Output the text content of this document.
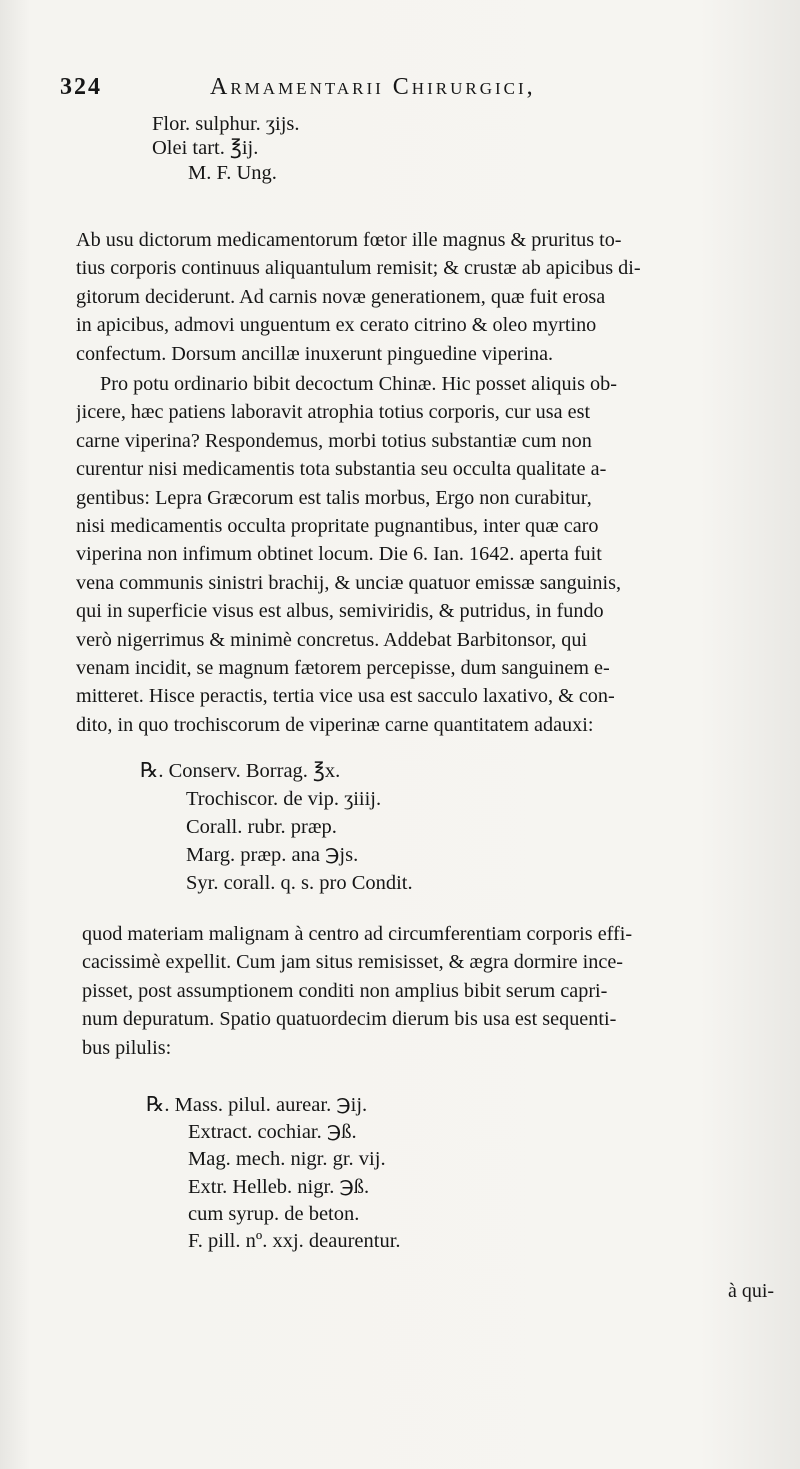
324	Armamentarii Chirurgici,
Flor. sulphur. ʒijs.
Olei tart. ℥ij.
M. F. Ung.
Ab usu dictorum medicamentorum fœtor ille magnus & pruritus to-
tius corporis continuus aliquantulum remisit; & crustæ ab apicibus di-
gitorum deciderunt. Ad carnis novæ generationem, quæ fuit erosa
in apicibus, admovi unguentum ex cerato citrino & oleo myrtino
confectum. Dorsum ancillæ inuxerunt pinguedine viperina.
Pro potu ordinario bibit decoctum Chinæ. Hic posset aliquis ob-
jicere, hæc patiens laboravit atrophia totius corporis, cur usa est
carne viperina? Respondemus, morbi totius substantiæ cum non
curentur nisi medicamentis tota substantia seu occulta qualitate a-
gentibus: Lepra Græcorum est talis morbus, Ergo non curabitur,
nisi medicamentis occulta propritate pugnantibus, inter quæ caro
viperina non infimum obtinet locum. Die 6. Ian. 1642. aperta fuit
vena communis sinistri brachij, & unciæ quatuor emissæ sanguinis,
qui in superficie visus est albus, semiviridis, & putridus, in fundo
verò nigerrimus & minimè concretus. Addebat Barbitonsor, qui
venam incidit, se magnum fætorem percepisse, dum sanguinem e-
mitteret. Hisce peractis, tertia vice usa est sacculo laxativo, & con-
dito, in quo trochiscorum de viperinæ carne quantitatem adauxi:
℞. Conserv. Borrag. ℥x.
Trochiscor. de vip. ʒiiij.
Corall. rubr. præp.
Marg. præp. ana ℈js.
Syr. corall. q. s. pro Condit.
quod materiam malignam à centro ad circumferentiam corporis effi-
cacissimè expellit. Cum jam situs remisisset, & ægra dormire ince-
pisset, post assumptionem conditi non amplius bibit serum capri-
num depuratum. Spatio quatuordecim dierum bis usa est sequenti-
bus pilulis:
℞. Mass. pilul. aurear. ℈ij.
Extract. cochiar. ℈ß.
Mag. mech. nigr. gr. vij.
Extr. Helleb. nigr. ℈ß.
cum syrup. de beton.
F. pill. nº. xxj. deaurentur.
à qui-
